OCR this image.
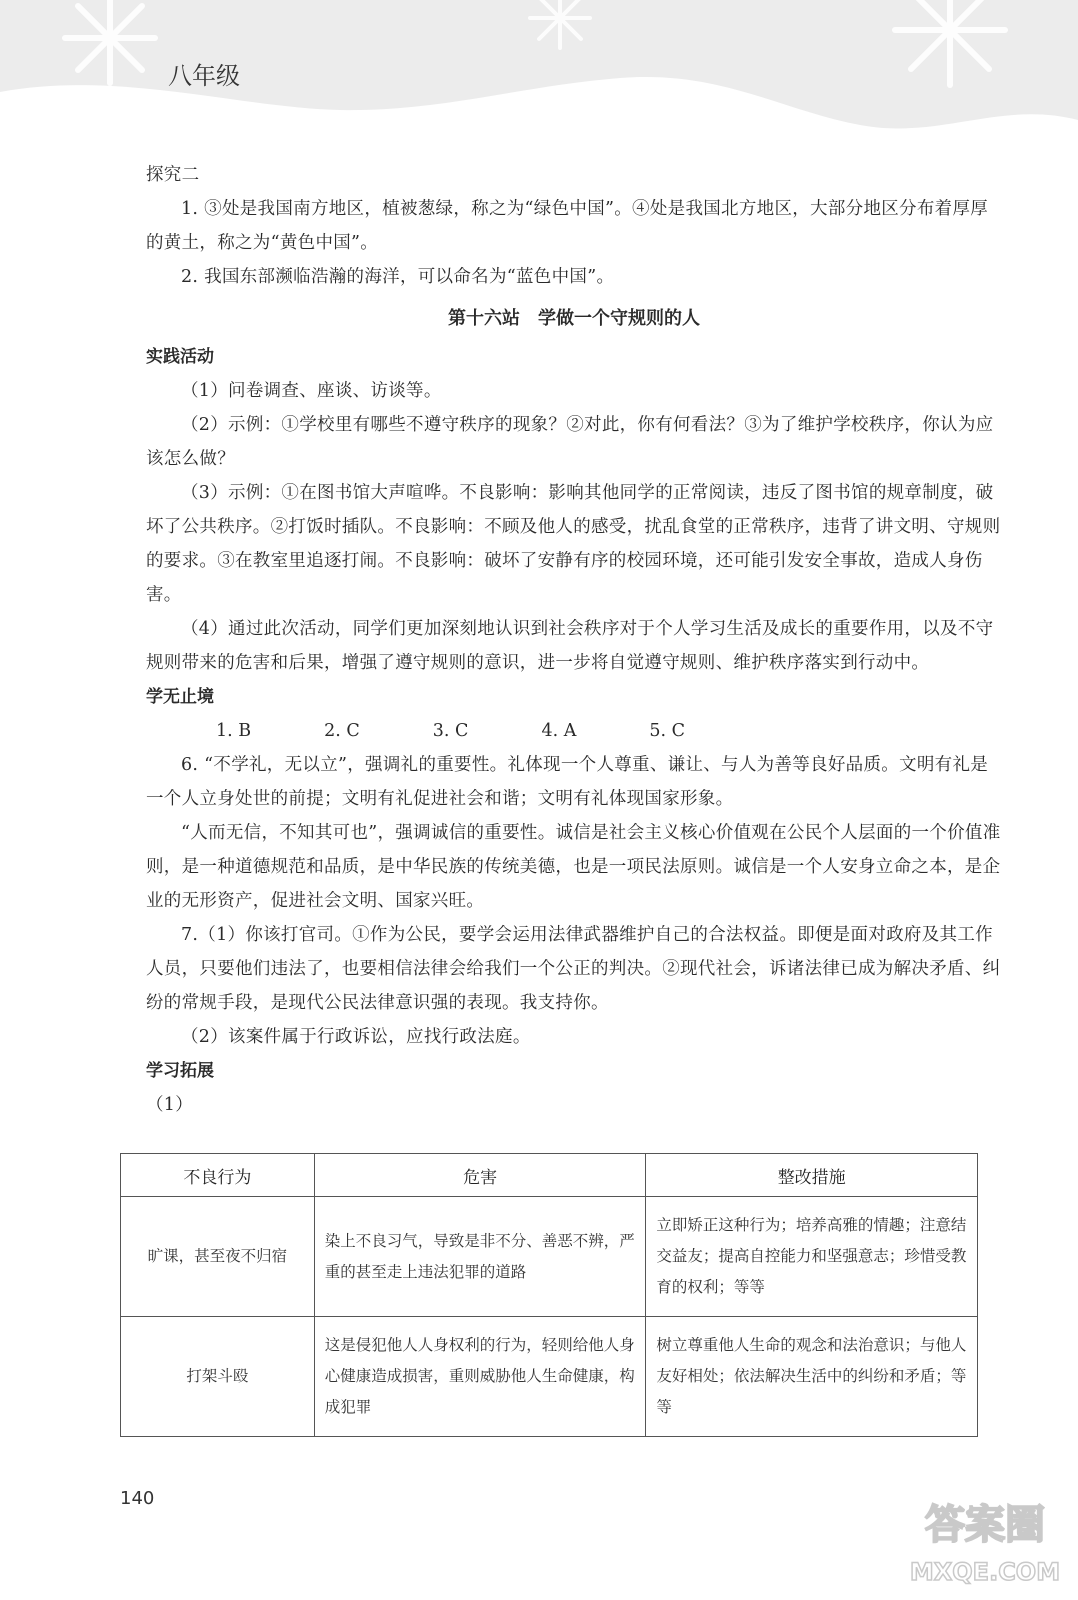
八年级

探究二

1. ③处是我国南方地区，植被葱绿，称之为“绿色中国”。④处是我国北方地区，大部分地区分布着厚厚的黄土，称之为“黄色中国”。

2. 我国东部濒临浩瀚的海洋，可以命名为“蓝色中国”。

第十六站 学做一个守规则的人

实践活动

（1）问卷调查、座谈、访谈等。

（2）示例：①学校里有哪些不遵守秩序的现象？②对此，你有何看法？③为了维护学校秩序，你认为应该怎么做？

（3）示例：①在图书馆大声喧哗。不良影响：影响其他同学的正常阅读，违反了图书馆的规章制度，破坏了公共秩序。②打饭时插队。不良影响：不顾及他人的感受，扰乱食堂的正常秩序，违背了讲文明、守规则的要求。③在教室里追逐打闹。不良影响：破坏了安静有序的校园环境，还可能引发安全事故，造成人身伤害。

（4）通过此次活动，同学们更加深刻地认识到社会秩序对于个人学习生活及成长的重要作用，以及不守规则带来的危害和后果，增强了遵守规则的意识，进一步将自觉遵守规则、维护秩序落实到行动中。

学无止境

1. B	2. C	3. C	4. A	5. C

6. “不学礼，无以立”，强调礼的重要性。礼体现一个人尊重、谦让、与人为善等良好品质。文明有礼是一个人立身处世的前提；文明有礼促进社会和谐；文明有礼体现国家形象。

“人而无信，不知其可也”，强调诚信的重要性。诚信是社会主义核心价值观在公民个人层面的一个价值准则，是一种道德规范和品质，是中华民族的传统美德，也是一项民法原则。诚信是一个人安身立命之本，是企业的无形资产，促进社会文明、国家兴旺。

7.（1）你该打官司。①作为公民，要学会运用法律武器维护自己的合法权益。即便是面对政府及其工作人员，只要他们违法了，也要相信法律会给我们一个公正的判决。②现代社会，诉诸法律已成为解决矛盾、纠纷的常规手段，是现代公民法律意识强的表现。我支持你。

（2）该案件属于行政诉讼，应找行政法庭。

学习拓展

（1）

不良行为	危害	整改措施
旷课，甚至夜不归宿	染上不良习气，导致是非不分、善恶不辨，严重的甚至走上违法犯罪的道路	立即矫正这种行为；培养高雅的情趣；注意结交益友；提高自控能力和坚强意志；珍惜受教育的权利；等等
打架斗殴	这是侵犯他人人身权利的行为，轻则给他人身心健康造成损害，重则威胁他人生命健康，构成犯罪	树立尊重他人生命的观念和法治意识；与他人友好相处；依法解决生活中的纠纷和矛盾；等等
140
答案圈
MXQE.COM
